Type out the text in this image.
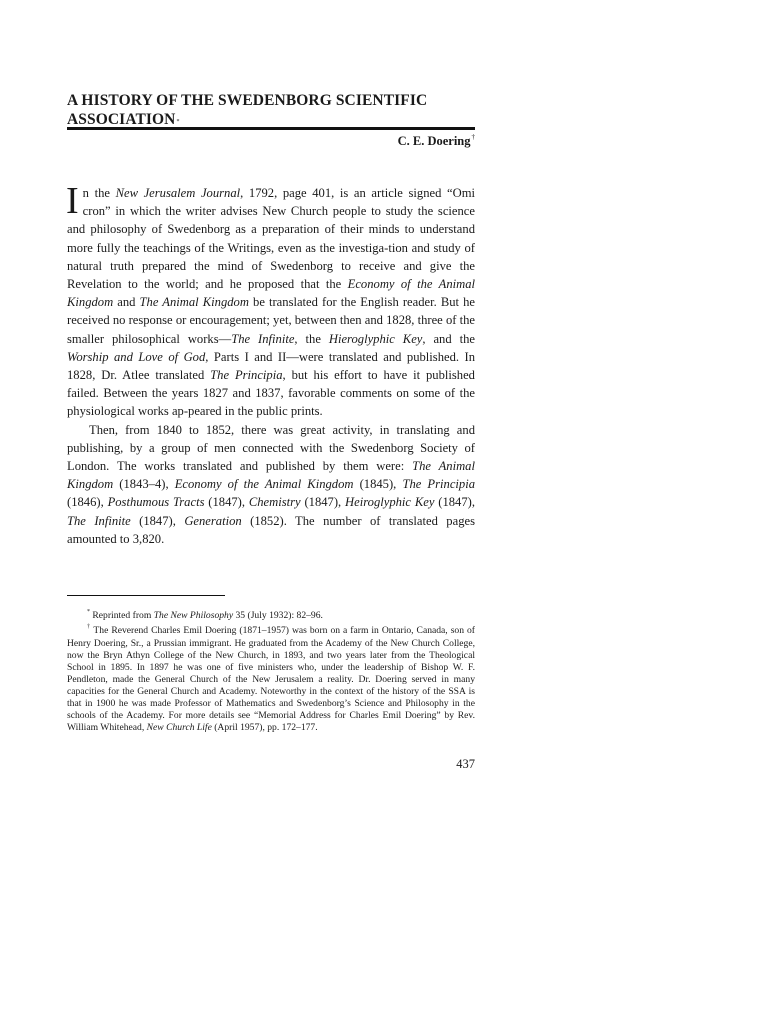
A HISTORY OF THE SWEDENBORG SCIENTIFIC
ASSOCIATION*
C. E. Doering†

In the New Jerusalem Journal, 1792, page 401, is an article signed “Omi cron” in which the writer advises New Church people to study the science and philosophy of Swedenborg as a preparation of their minds to understand more fully the teachings of the Writings, even as the investiga-tion and study of natural truth prepared the mind of Swedenborg to receive and give the Revelation to the world; and he proposed that the Economy of the Animal Kingdom and The Animal Kingdom be translated for the English reader. But he received no response or encouragement; yet, between then and 1828, three of the smaller philosophical works—The Infinite, the Hieroglyphic Key, and the Worship and Love of God, Parts I and II—were translated and published. In 1828, Dr. Atlee translated The Principia, but his effort to have it published failed. Between the years 1827 and 1837, favorable comments on some of the physiological works ap-peared in the public prints.

Then, from 1840 to 1852, there was great activity, in translating and publishing, by a group of men connected with the Swedenborg Society of London. The works translated and published by them were: The Animal Kingdom (1843–4), Economy of the Animal Kingdom (1845), The Principia (1846), Posthumous Tracts (1847), Chemistry (1847), Heiroglyphic Key (1847), The Infinite (1847), Generation (1852). The number of translated pages amounted to 3,820.

* Reprinted from The New Philosophy 35 (July 1932): 82–96.

† The Reverend Charles Emil Doering (1871–1957) was born on a farm in Ontario, Canada, son of Henry Doering, Sr., a Prussian immigrant. He graduated from the Academy of the New Church College, now the Bryn Athyn College of the New Church, in 1893, and two years later from the Theological School in 1895. In 1897 he was one of five ministers who, under the leadership of Bishop W. F. Pendleton, made the General Church of the New Jerusalem a reality. Dr. Doering served in many capacities for the General Church and Academy. Noteworthy in the context of the history of the SSA is that in 1900 he was made Professor of Mathematics and Swedenborg’s Science and Philosophy in the schools of the Academy. For more details see “Memorial Address for Charles Emil Doering” by Rev. William Whitehead, New Church Life (April 1957), pp. 172–177.

437
